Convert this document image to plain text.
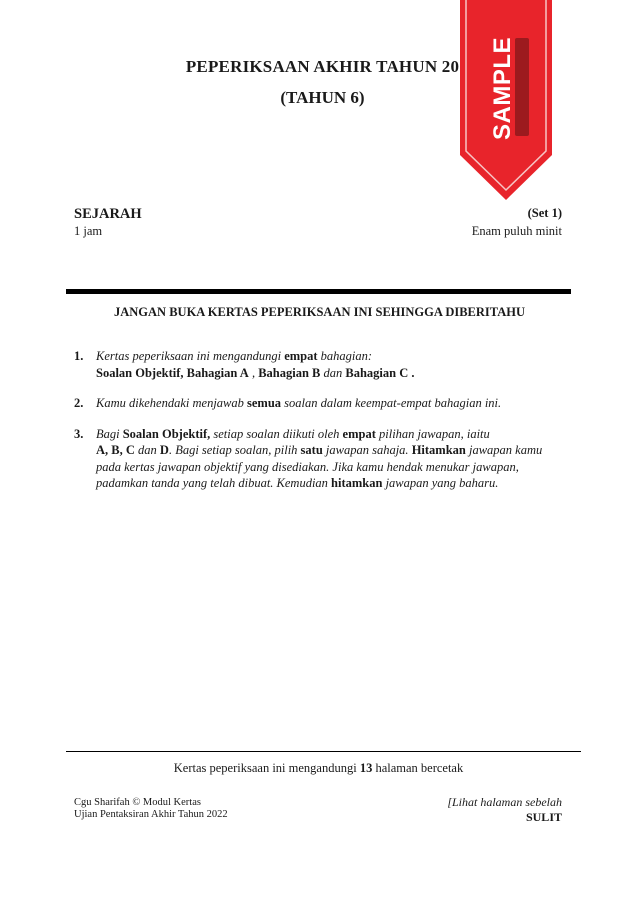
PEPERIKSAAN AKHIR TAHUN 20
(TAHUN 6)
SEJARAH
1 jam
(Set 1)
Enam puluh minit
JANGAN BUKA KERTAS PEPERIKSAAN INI SEHINGGA DIBERITAHU
1.	Kertas peperiksaan ini mengandungi empat bahagian:
Soalan Objektif, Bahagian A , Bahagian B dan Bahagian C .
2.	Kamu dikehendaki menjawab semua soalan dalam keempat-empat bahagian ini.
3.	Bagi Soalan Objektif, setiap soalan diikuti oleh empat pilihan jawapan, iaitu
A, B, C dan D. Bagi setiap soalan, pilih satu jawapan sahaja. Hitamkan jawapan kamu pada kertas jawapan objektif yang disediakan. Jika kamu hendak menukar jawapan, padamkan tanda yang telah dibuat. Kemudian hitamkan jawapan yang baharu.
Kertas peperiksaan ini mengandungi 13 halaman bercetak
Cgu Sharifah © Modul Kertas
Ujian Pentaksiran Akhir Tahun 2022
[Lihat halaman sebelah
SULIT
SAMPLE
